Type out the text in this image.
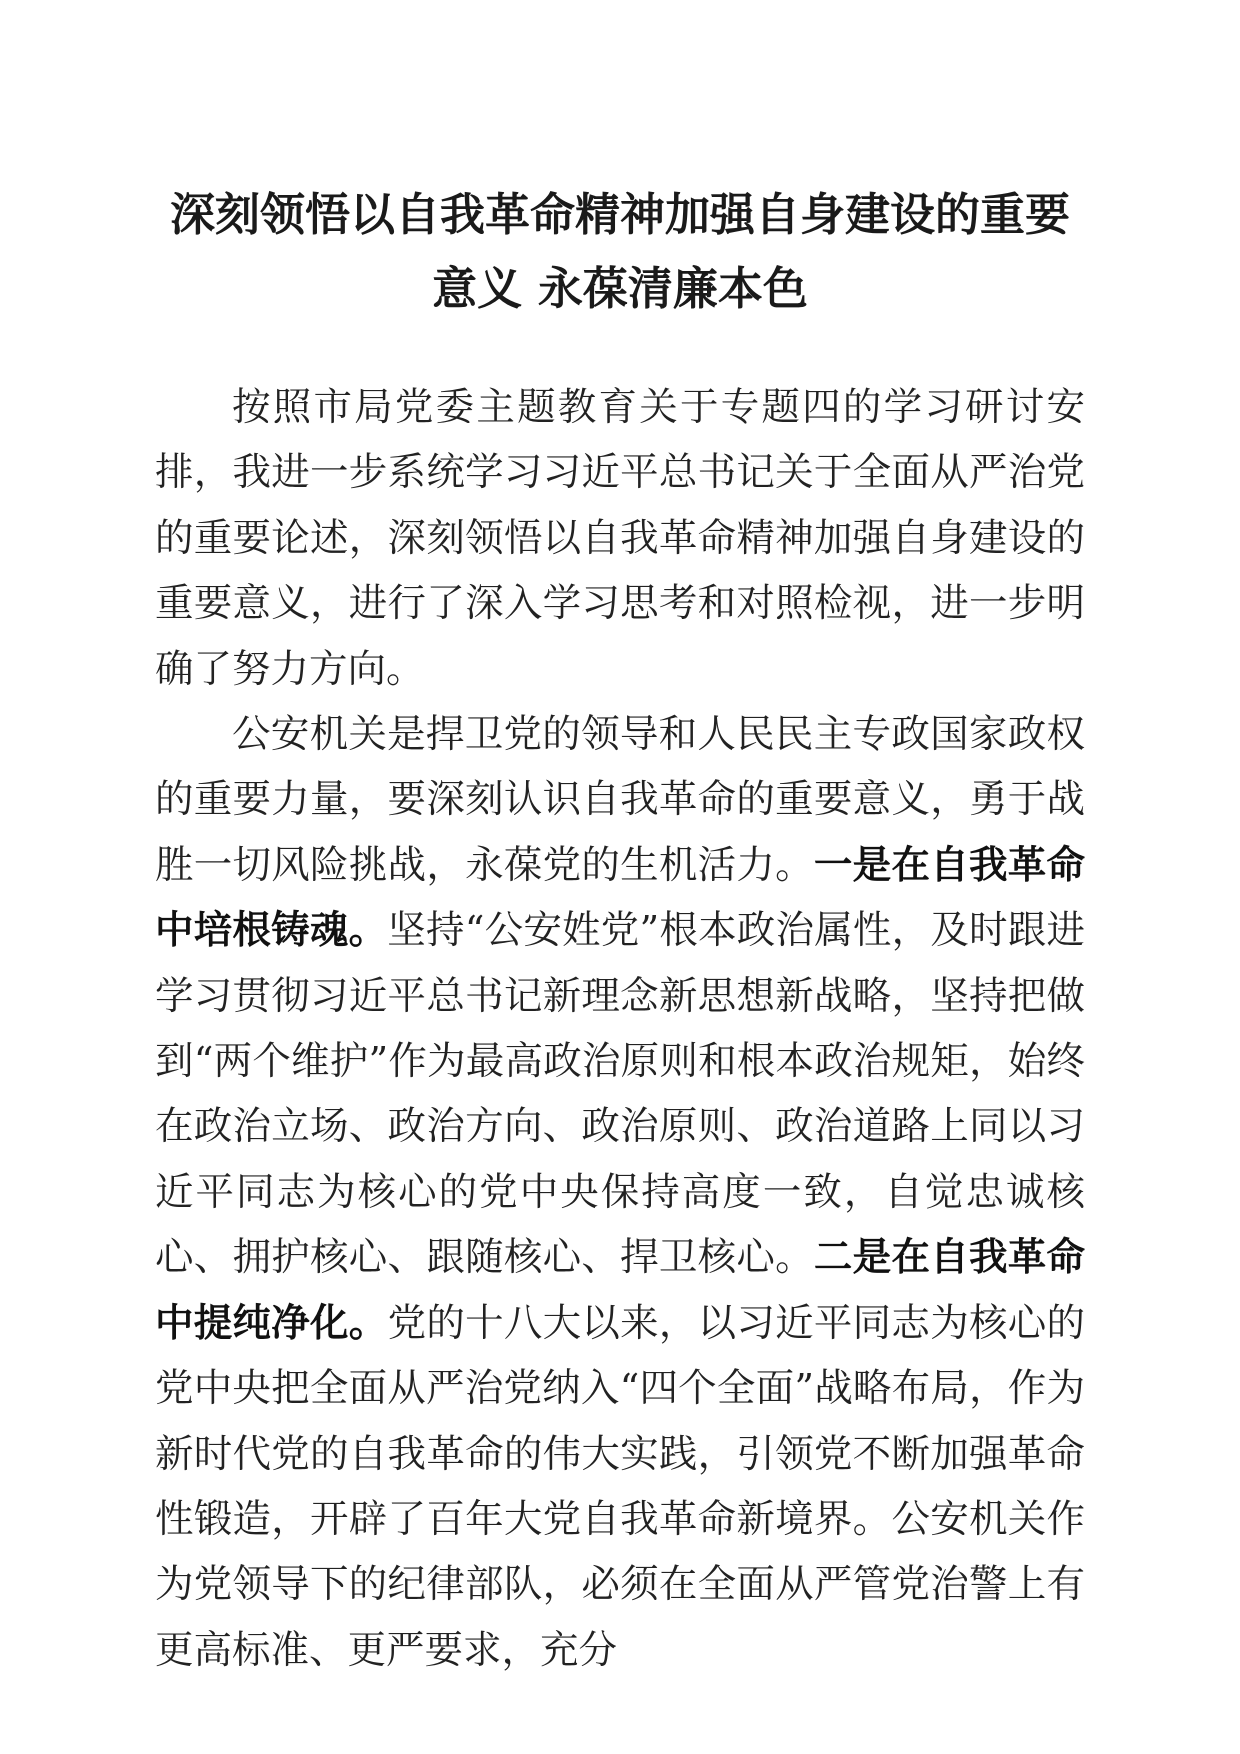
深刻领悟以自我革命精神加强自身建设的重要
意义 永葆清廉本色

按照市局党委主题教育关于专题四的学习研讨安排，我进一步系统学习习近平总书记关于全面从严治党的重要论述，深刻领悟以自我革命精神加强自身建设的重要意义，进行了深入学习思考和对照检视，进一步明确了努力方向。

公安机关是捍卫党的领导和人民民主专政国家政权的重要力量，要深刻认识自我革命的重要意义，勇于战胜一切风险挑战，永葆党的生机活力。一是在自我革命中培根铸魂。坚持“公安姓党”根本政治属性，及时跟进学习贯彻习近平总书记新理念新思想新战略，坚持把做到“两个维护”作为最高政治原则和根本政治规矩，始终在政治立场、政治方向、政治原则、政治道路上同以习近平同志为核心的党中央保持高度一致，自觉忠诚核心、拥护核心、跟随核心、捍卫核心。二是在自我革命中提纯净化。党的十八大以来，以习近平同志为核心的党中央把全面从严治党纳入“四个全面”战略布局，作为新时代党的自我革命的伟大实践，引领党不断加强革命性锻造，开辟了百年大党自我革命新境界。公安机关作为党领导下的纪律部队，必须在全面从严管党治警上有更高标准、更严要求，充分
